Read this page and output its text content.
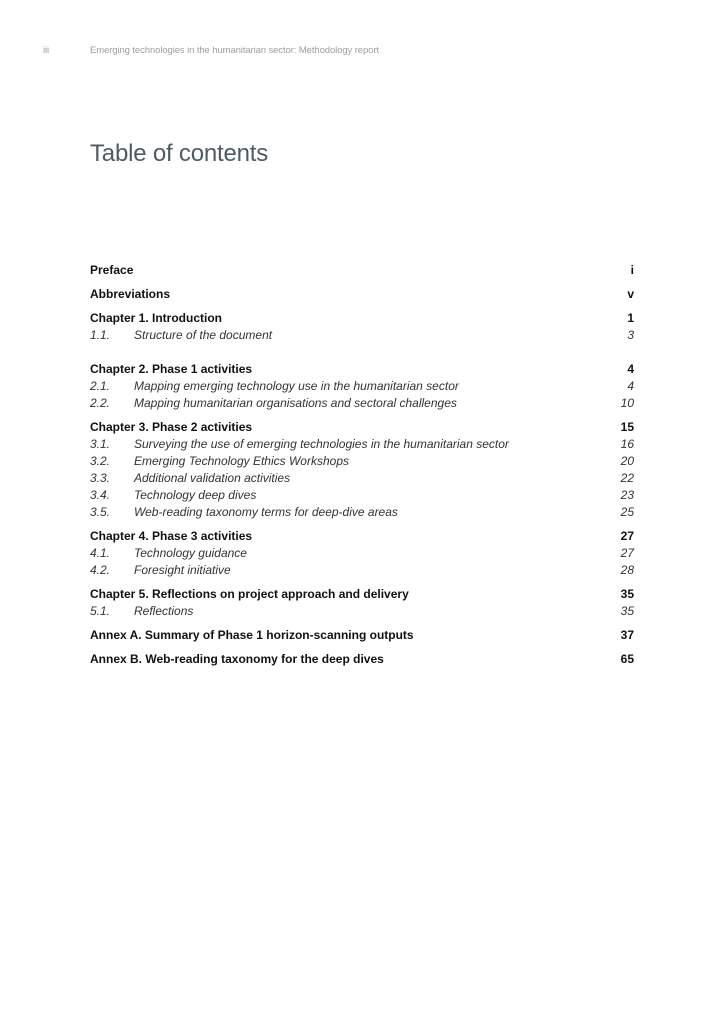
iii	Emerging technologies in the humanitarian sector: Methodology report
Table of contents
Preface	i
Abbreviations	v
Chapter 1. Introduction	1
1.1.	Structure of the document	3
Chapter 2. Phase 1 activities	4
2.1.	Mapping emerging technology use in the humanitarian sector	4
2.2.	Mapping humanitarian organisations and sectoral challenges	10
Chapter 3. Phase 2 activities	15
3.1.	Surveying the use of emerging technologies in the humanitarian sector	16
3.2.	Emerging Technology Ethics Workshops	20
3.3.	Additional validation activities	22
3.4.	Technology deep dives	23
3.5.	Web-reading taxonomy terms for deep-dive areas	25
Chapter 4. Phase 3 activities	27
4.1.	Technology guidance	27
4.2.	Foresight initiative	28
Chapter 5. Reflections on project approach and delivery	35
5.1.	Reflections	35
Annex A. Summary of Phase 1 horizon-scanning outputs	37
Annex B. Web-reading taxonomy for the deep dives	65
